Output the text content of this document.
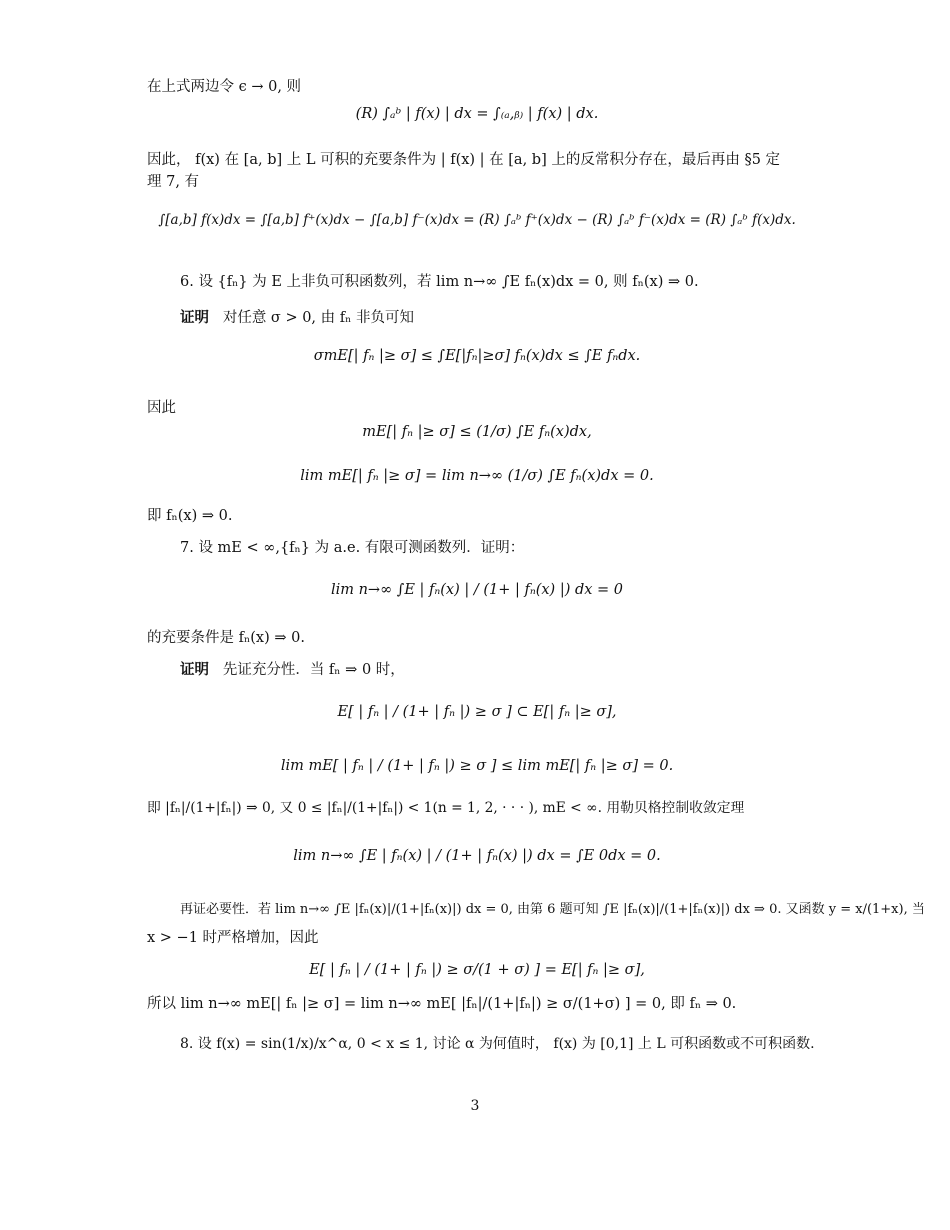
在上式两边令 ϵ → 0, 则
(R) ∫ₐᵇ | f(x) | dx = ∫₍ₐ,ᵦ₎ | f(x) | dx.
因此， f(x) 在 [a, b] 上 L 可积的充要条件为 | f(x) | 在 [a, b] 上的反常积分存在，最后再由 §5 定
理 7, 有
∫[a,b] f(x)dx = ∫[a,b] f⁺(x)dx − ∫[a,b] f⁻(x)dx = (R) ∫ₐᵇ f⁺(x)dx − (R) ∫ₐᵇ f⁻(x)dx = (R) ∫ₐᵇ f(x)dx.
6. 设 {fₙ} 为 E 上非负可积函数列，若 lim n→∞ ∫E fₙ(x)dx = 0, 则 fₙ(x) ⇒ 0.
证明 对任意 σ > 0, 由 fₙ 非负可知
σmE[| fₙ |≥ σ] ≤ ∫E[|fₙ|≥σ] fₙ(x)dx ≤ ∫E fₙdx.
因此
mE[| fₙ |≥ σ] ≤ (1/σ) ∫E fₙ(x)dx,
lim mE[| fₙ |≥ σ] = lim n→∞ (1/σ) ∫E fₙ(x)dx = 0.
即 fₙ(x) ⇒ 0.
7. 设 mE < ∞,{fₙ} 为 a.e. 有限可测函数列．证明：
lim n→∞ ∫E | fₙ(x) | / (1+ | fₙ(x) |) dx = 0
的充要条件是 fₙ(x) ⇒ 0.
证明 先证充分性．当 fₙ ⇒ 0 时，
E[ | fₙ | / (1+ | fₙ |) ≥ σ ] ⊂ E[| fₙ |≥ σ],
lim mE[ | fₙ | / (1+ | fₙ |) ≥ σ ] ≤ lim mE[| fₙ |≥ σ] = 0.
即 |fₙ|/(1+|fₙ|) ⇒ 0, 又 0 ≤ |fₙ|/(1+|fₙ|) < 1(n = 1, 2, · · · ), mE < ∞. 用勒贝格控制收敛定理
lim n→∞ ∫E | fₙ(x) | / (1+ | fₙ(x) |) dx = ∫E 0dx = 0.
再证必要性．若 lim n→∞ ∫E |fₙ(x)|/(1+|fₙ(x)|) dx = 0, 由第 6 题可知 ∫E |fₙ(x)|/(1+|fₙ(x)|) dx ⇒ 0. 又函数 y = x/(1+x), 当
x > −1 时严格增加，因此
E[ | fₙ | / (1+ | fₙ |) ≥ σ/(1 + σ) ] = E[| fₙ |≥ σ],
所以 lim n→∞ mE[| fₙ |≥ σ] = lim n→∞ mE[ |fₙ|/(1+|fₙ|) ≥ σ/(1+σ) ] = 0, 即 fₙ ⇒ 0.
8. 设 f(x) = sin(1/x)/x^α, 0 < x ≤ 1, 讨论 α 为何值时， f(x) 为 [0,1] 上 L 可积函数或不可积函数.
3
